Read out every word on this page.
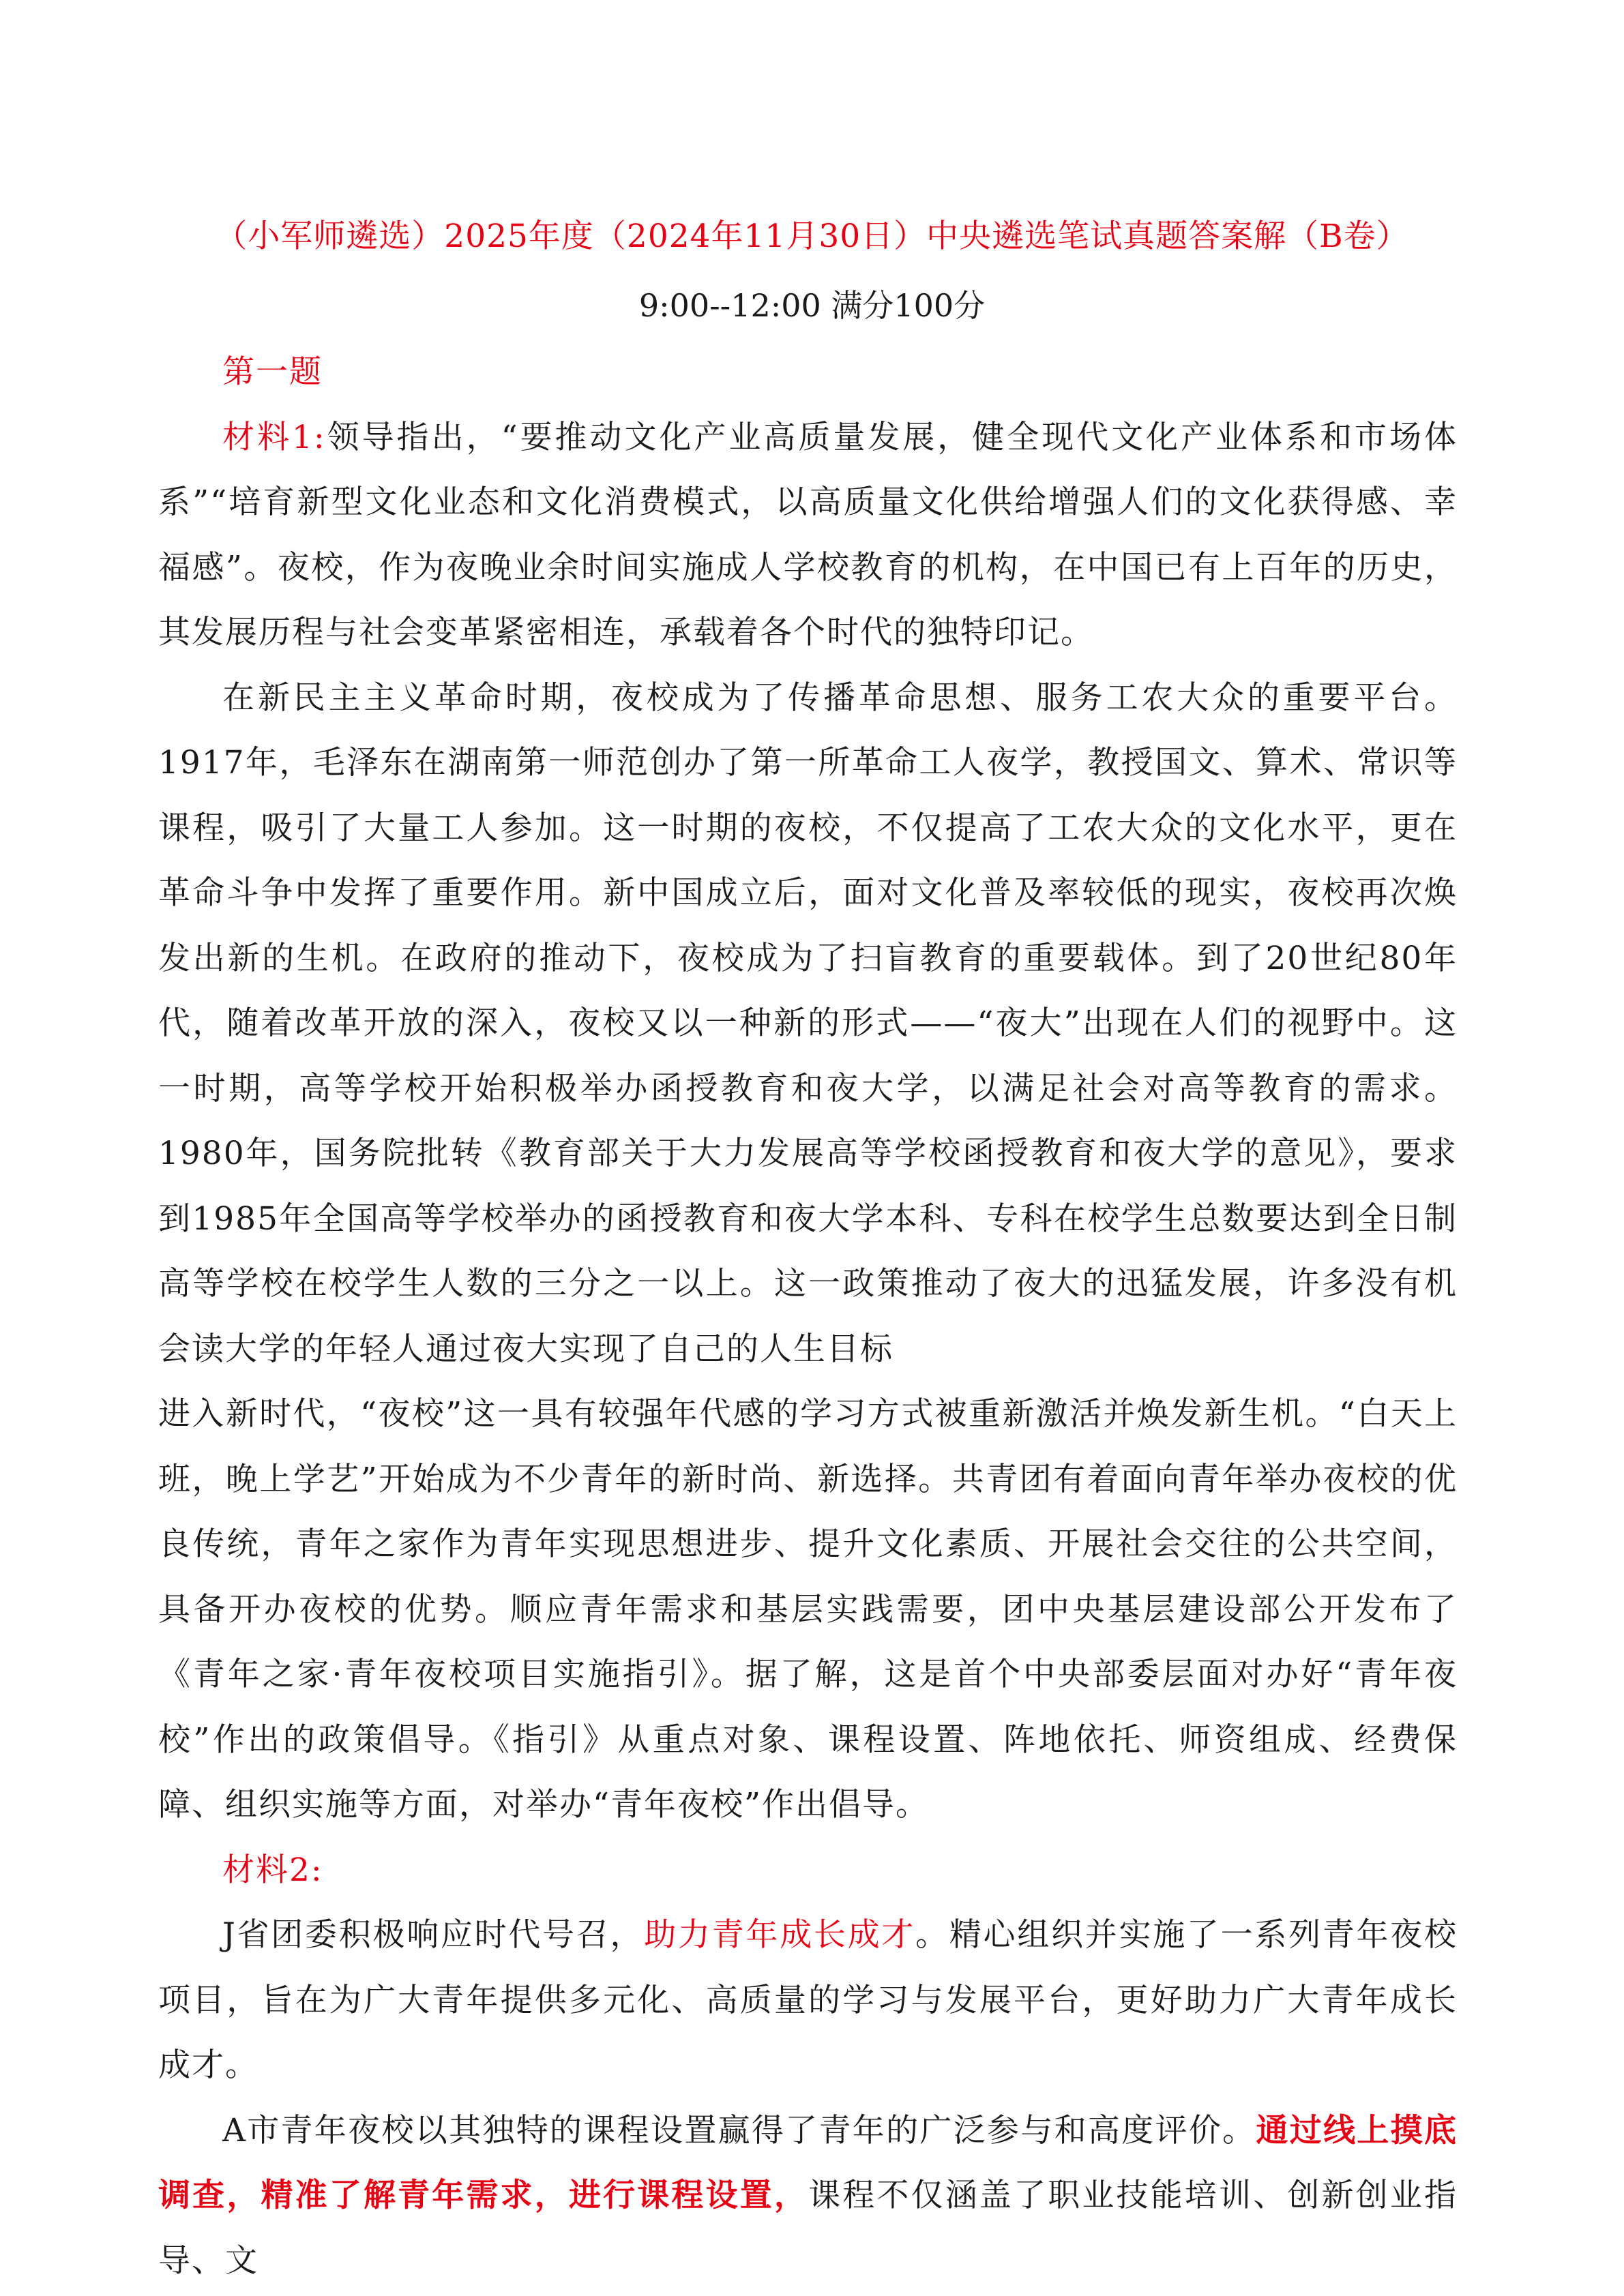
（小军师遴选）2025年度（2024年11月30日）中央遴选笔试真题答案解（B卷）
9:00--12:00 满分100分

第一题

材料1:领导指出，“要推动文化产业高质量发展，健全现代文化产业体系和市场体系”“培育新型文化业态和文化消费模式，以高质量文化供给增强人们的文化获得感、幸福感”。夜校，作为夜晚业余时间实施成人学校教育的机构，在中国已有上百年的历史，其发展历程与社会变革紧密相连，承载着各个时代的独特印记。

在新民主主义革命时期，夜校成为了传播革命思想、服务工农大众的重要平台。1917年，毛泽东在湖南第一师范创办了第一所革命工人夜学，教授国文、算术、常识等课程，吸引了大量工人参加。这一时期的夜校，不仅提高了工农大众的文化水平，更在革命斗争中发挥了重要作用。新中国成立后，面对文化普及率较低的现实，夜校再次焕发出新的生机。在政府的推动下，夜校成为了扫盲教育的重要载体。到了20世纪80年代，随着改革开放的深入，夜校又以一种新的形式——“夜大”出现在人们的视野中。这一时期，高等学校开始积极举办函授教育和夜大学，以满足社会对高等教育的需求。1980年，国务院批转《教育部关于大力发展高等学校函授教育和夜大学的意见》，要求到1985年全国高等学校举办的函授教育和夜大学本科、专科在校学生总数要达到全日制高等学校在校学生人数的三分之一以上。这一政策推动了夜大的迅猛发展，许多没有机会读大学的年轻人通过夜大实现了自己的人生目标

进入新时代，“夜校”这一具有较强年代感的学习方式被重新激活并焕发新生机。“白天上班，晚上学艺”开始成为不少青年的新时尚、新选择。共青团有着面向青年举办夜校的优良传统，青年之家作为青年实现思想进步、提升文化素质、开展社会交往的公共空间，具备开办夜校的优势。顺应青年需求和基层实践需要，团中央基层建设部公开发布了《青年之家·青年夜校项目实施指引》。据了解，这是首个中央部委层面对办好“青年夜校”作出的政策倡导。《指引》从重点对象、课程设置、阵地依托、师资组成、经费保障、组织实施等方面，对举办“青年夜校”作出倡导。

材料2:

J省团委积极响应时代号召，助力青年成长成才。精心组织并实施了一系列青年夜校项目，旨在为广大青年提供多元化、高质量的学习与发展平台，更好助力广大青年成长成才。

A市青年夜校以其独特的课程设置赢得了青年的广泛参与和高度评价。通过线上摸底调查，精准了解青年需求，进行课程设置，课程不仅涵盖了职业技能培训、创新创业指导、文
